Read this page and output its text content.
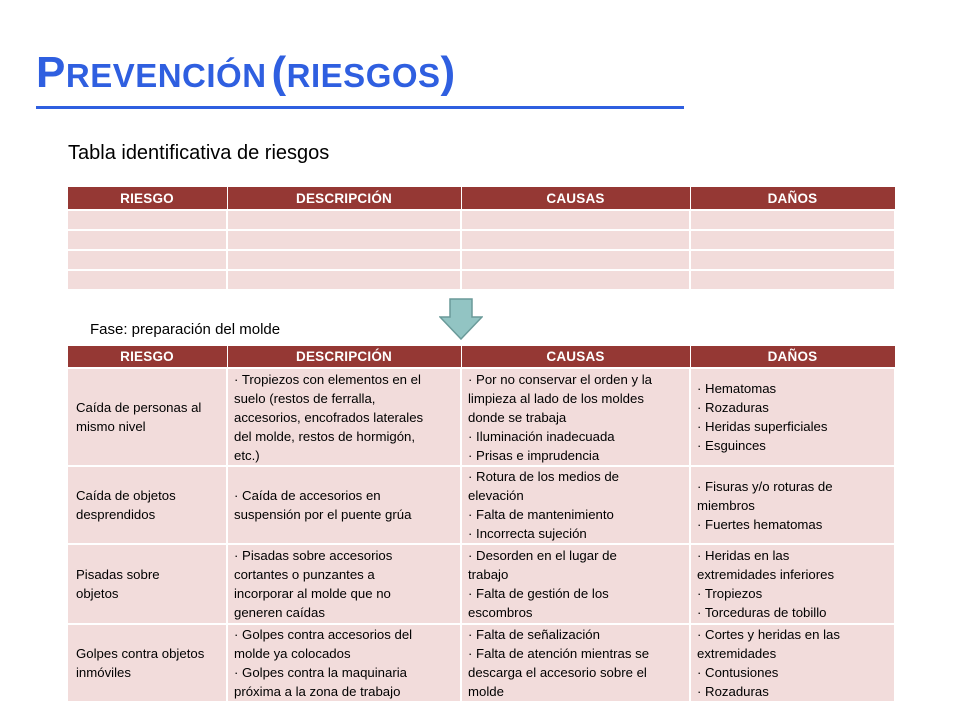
PREVENCIÓN (RIESGOS)
Tabla identificativa de riesgos
RIESGO	DESCRIPCIÓN	CAUSAS	DAÑOS

Fase: preparación del molde
RIESGO	DESCRIPCIÓN	CAUSAS	DAÑOS

Caída de personas al
mismo nivel	· Tropiezos con elementos en el
suelo (restos de ferralla,
accesorios, encofrados laterales
del molde, restos de hormigón,
etc.)	· Por no conservar el orden y la
limpieza al lado de los moldes
donde se trabaja
· Iluminación inadecuada
· Prisas e imprudencia	· Hematomas
· Rozaduras
· Heridas superficiales
· Esguinces

Caída de objetos
desprendidos	· Caída de accesorios en
suspensión por el puente grúa	· Rotura de los medios de
elevación
· Falta de mantenimiento
· Incorrecta sujeción	· Fisuras y/o roturas de
miembros
· Fuertes hematomas

Pisadas sobre
objetos	· Pisadas sobre accesorios
cortantes o punzantes a
incorporar al molde que no
generen caídas	· Desorden en el lugar de
trabajo
· Falta de gestión de los
escombros	· Heridas en las
extremidades inferiores
· Tropiezos
· Torceduras de tobillo

Golpes contra objetos
inmóviles	· Golpes contra accesorios del
molde ya colocados
· Golpes contra la maquinaria
próxima a la zona de trabajo	· Falta de señalización
· Falta de atención mientras se
descarga el accesorio sobre el
molde	· Cortes y heridas en las
extremidades
· Contusiones
· Rozaduras
